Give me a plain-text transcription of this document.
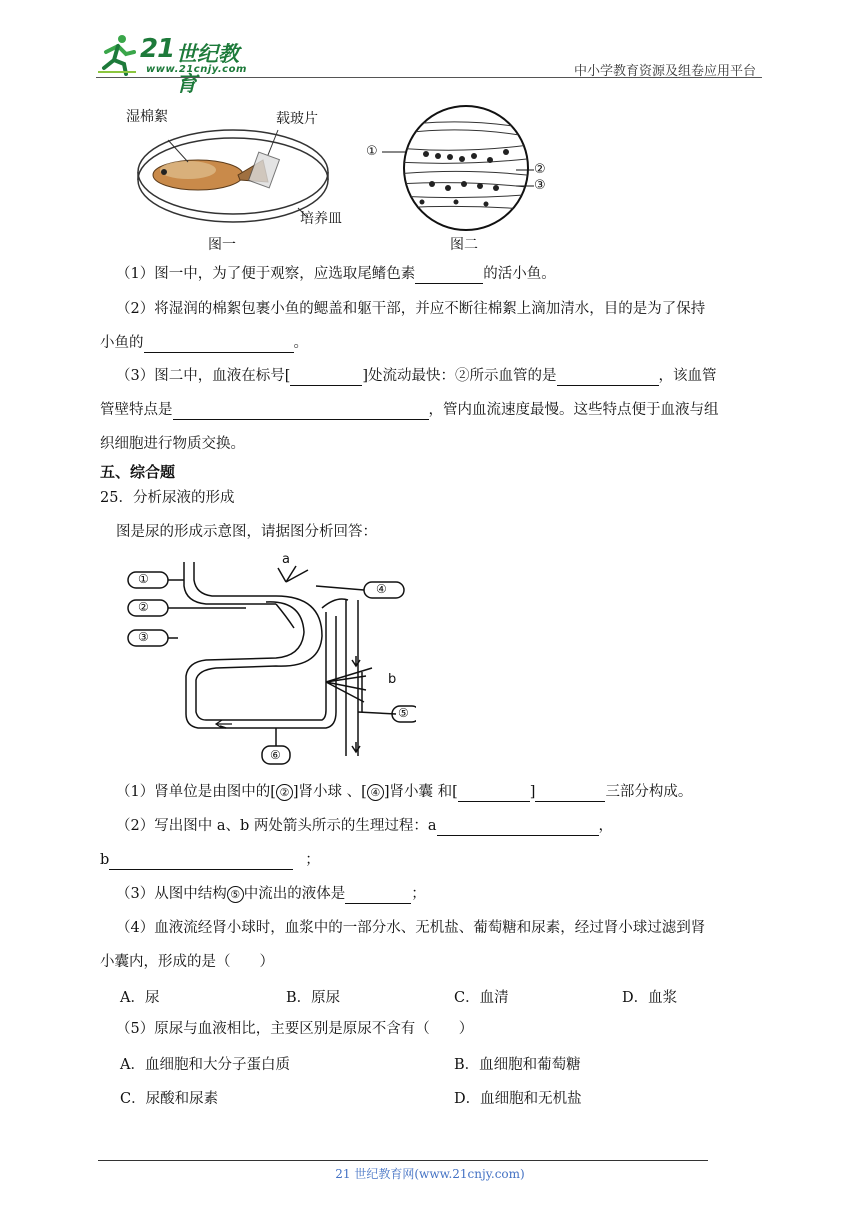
21 世纪教育
www.21cnjy.com	中小学教育资源及组卷应用平台
湿棉絮	载玻片
培养皿
图一
①
②
③
图二
（1）图一中，为了便于观察，应选取尾鳍色素	的活小鱼。
（2）将湿润的棉絮包裹小鱼的鳃盖和躯干部，并应不断往棉絮上滴加清水，目的是为了保持
小鱼的	。
（3）图二中，血液在标号[	]处流动最快：②所示血管的是	，该血管
管壁特点是	，管内血流速度最慢。这些特点便于血液与组
织细胞进行物质交换。
五、综合题
25．分析尿液的形成
图是尿的形成示意图，请据图分析回答：
①
②
③
④
⑤
⑥
a
b
（1）肾单位是由图中的[ ② ]肾小球 、[ ④ ]肾小囊 和[	]	三部分构成。
（2）写出图中 a、b 两处箭头所示的生理过程：a	，
b	；
（3）从图中结构 ⑤ 中流出的液体是	；
（4）血液流经肾小球时，血浆中的一部分水、无机盐、葡萄糖和尿素，经过肾小球过滤到肾
小囊内，形成的是（　　）
A．尿	B．原尿	C．血清	D．血浆
（5）原尿与血液相比，主要区别是原尿不含有（　　）
A．血细胞和大分子蛋白质	B．血细胞和葡萄糖
C．尿酸和尿素	D．血细胞和无机盐
21 世纪教育网(www.21cnjy.com)
